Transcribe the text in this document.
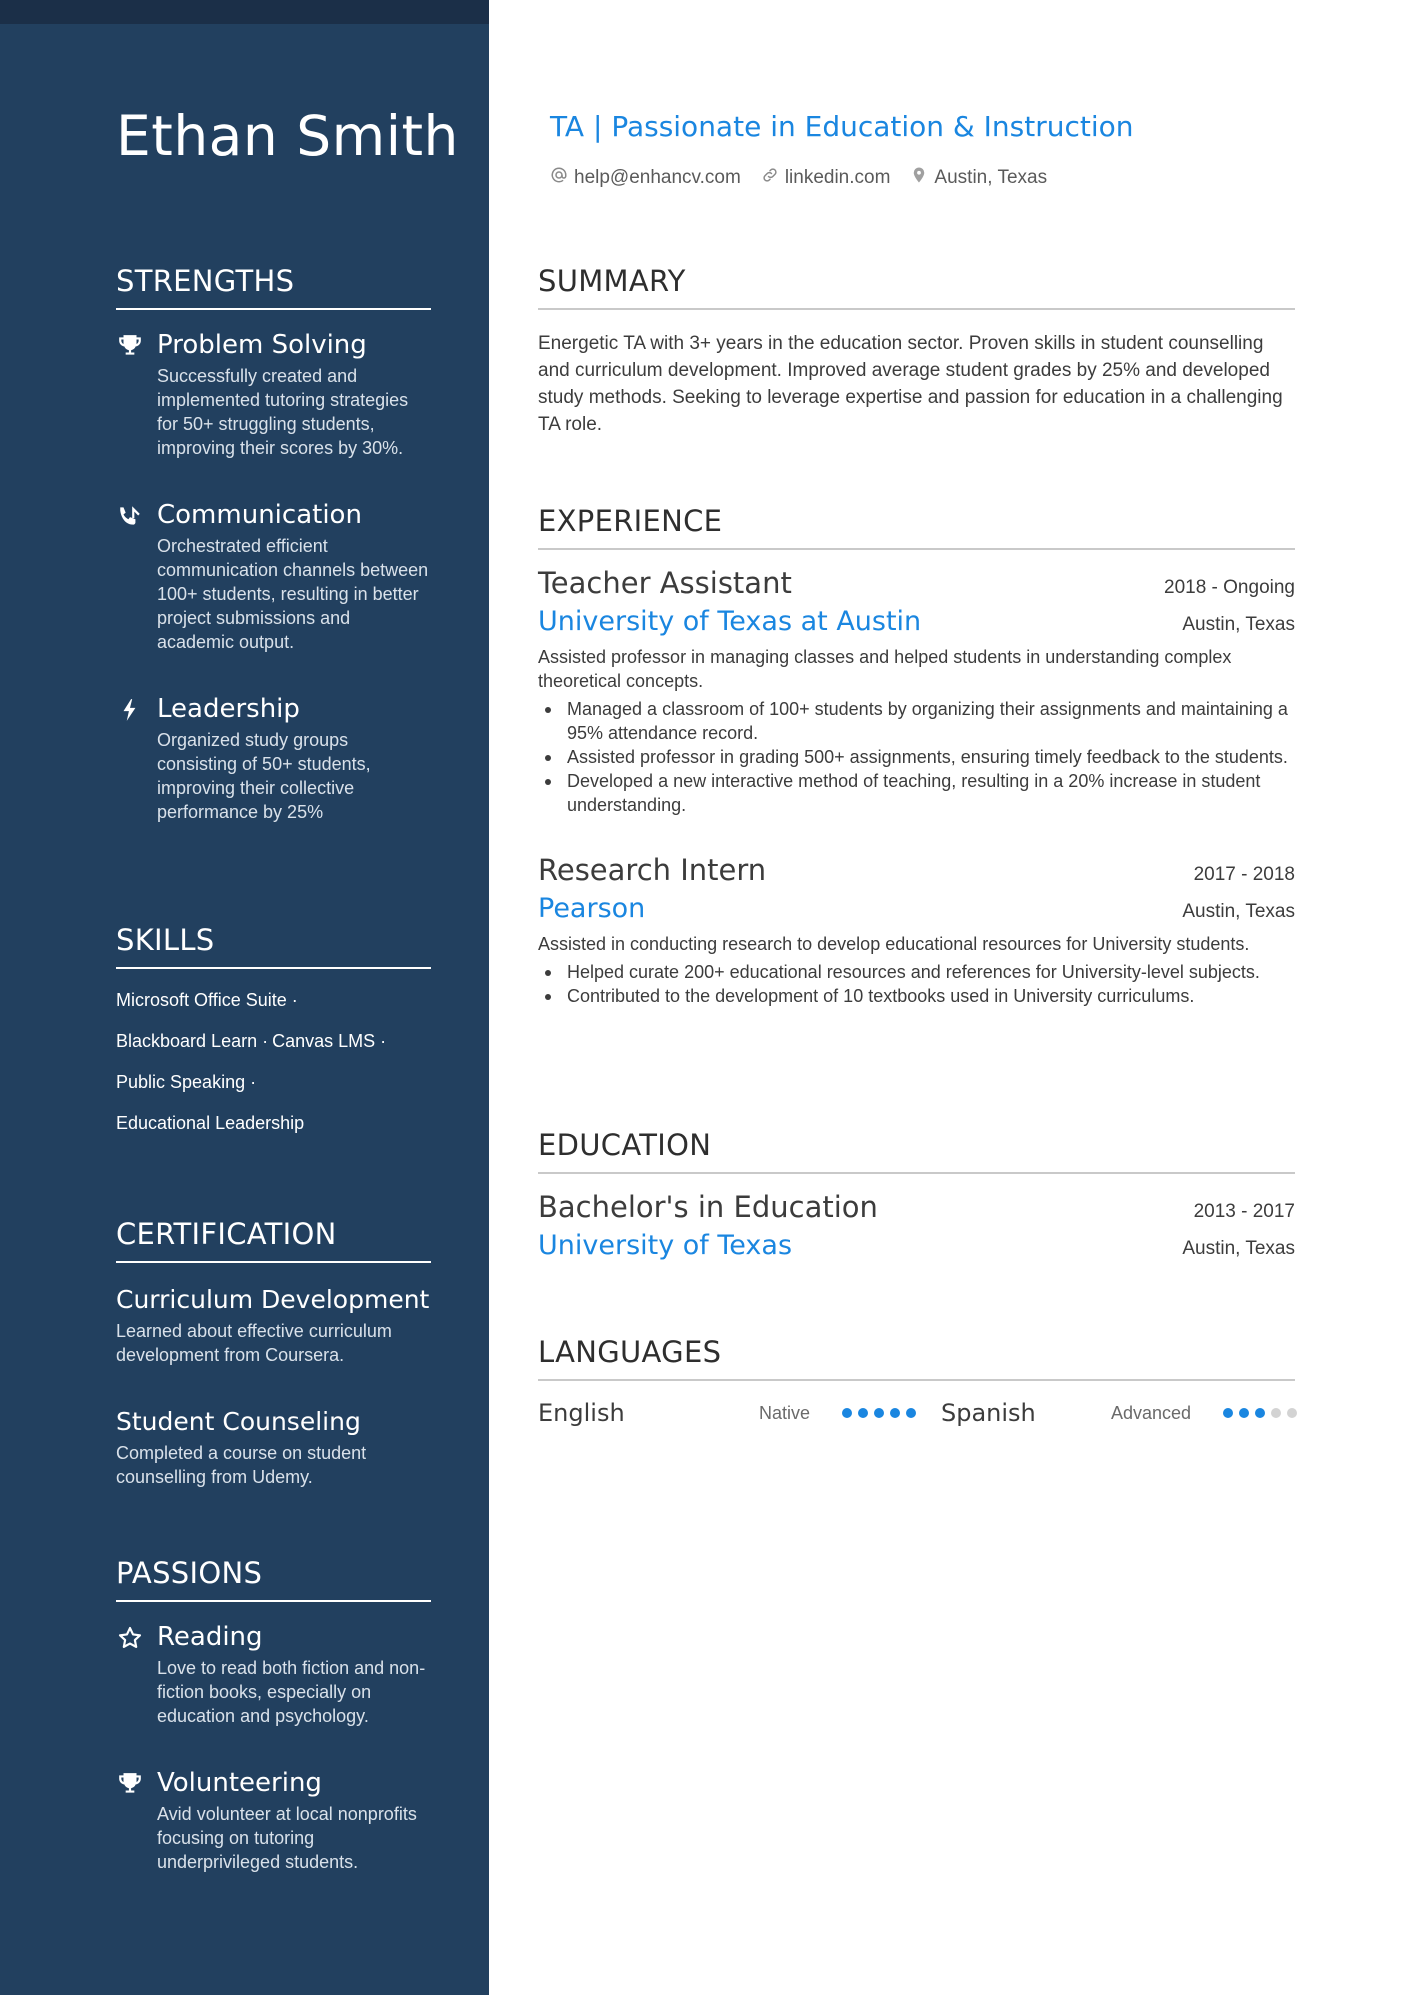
Ethan Smith
STRENGTHS
Problem Solving
Successfully created and implemented tutoring strategies for 50+ struggling students, improving their scores by 30%.
Communication
Orchestrated efficient communication channels between 100+ students, resulting in better project submissions and academic output.
Leadership
Organized study groups consisting of 50+ students, improving their collective performance by 25%
SKILLS
Microsoft Office Suite ·
Blackboard Learn · Canvas LMS ·
Public Speaking ·
Educational Leadership
CERTIFICATION
Curriculum Development
Learned about effective curriculum development from Coursera.
Student Counseling
Completed a course on student counselling from Udemy.
PASSIONS
Reading
Love to read both fiction and non-fiction books, especially on education and psychology.
Volunteering
Avid volunteer at local nonprofits focusing on tutoring underprivileged students.
TA | Passionate in Education & Instruction
help@enhancv.com linkedin.com Austin, Texas
SUMMARY
Energetic TA with 3+ years in the education sector. Proven skills in student counselling and curriculum development. Improved average student grades by 25% and developed study methods. Seeking to leverage expertise and passion for education in a challenging TA role.
EXPERIENCE
Teacher Assistant	2018 - Ongoing
University of Texas at Austin	Austin, Texas
Assisted professor in managing classes and helped students in understanding complex theoretical concepts.
Managed a classroom of 100+ students by organizing their assignments and maintaining a 95% attendance record.
Assisted professor in grading 500+ assignments, ensuring timely feedback to the students.
Developed a new interactive method of teaching, resulting in a 20% increase in student understanding.
Research Intern	2017 - 2018
Pearson	Austin, Texas
Assisted in conducting research to develop educational resources for University students.
Helped curate 200+ educational resources and references for University-level subjects.
Contributed to the development of 10 textbooks used in University curriculums.
EDUCATION
Bachelor's in Education	2013 - 2017
University of Texas	Austin, Texas
LANGUAGES
English	Native	Spanish	Advanced
